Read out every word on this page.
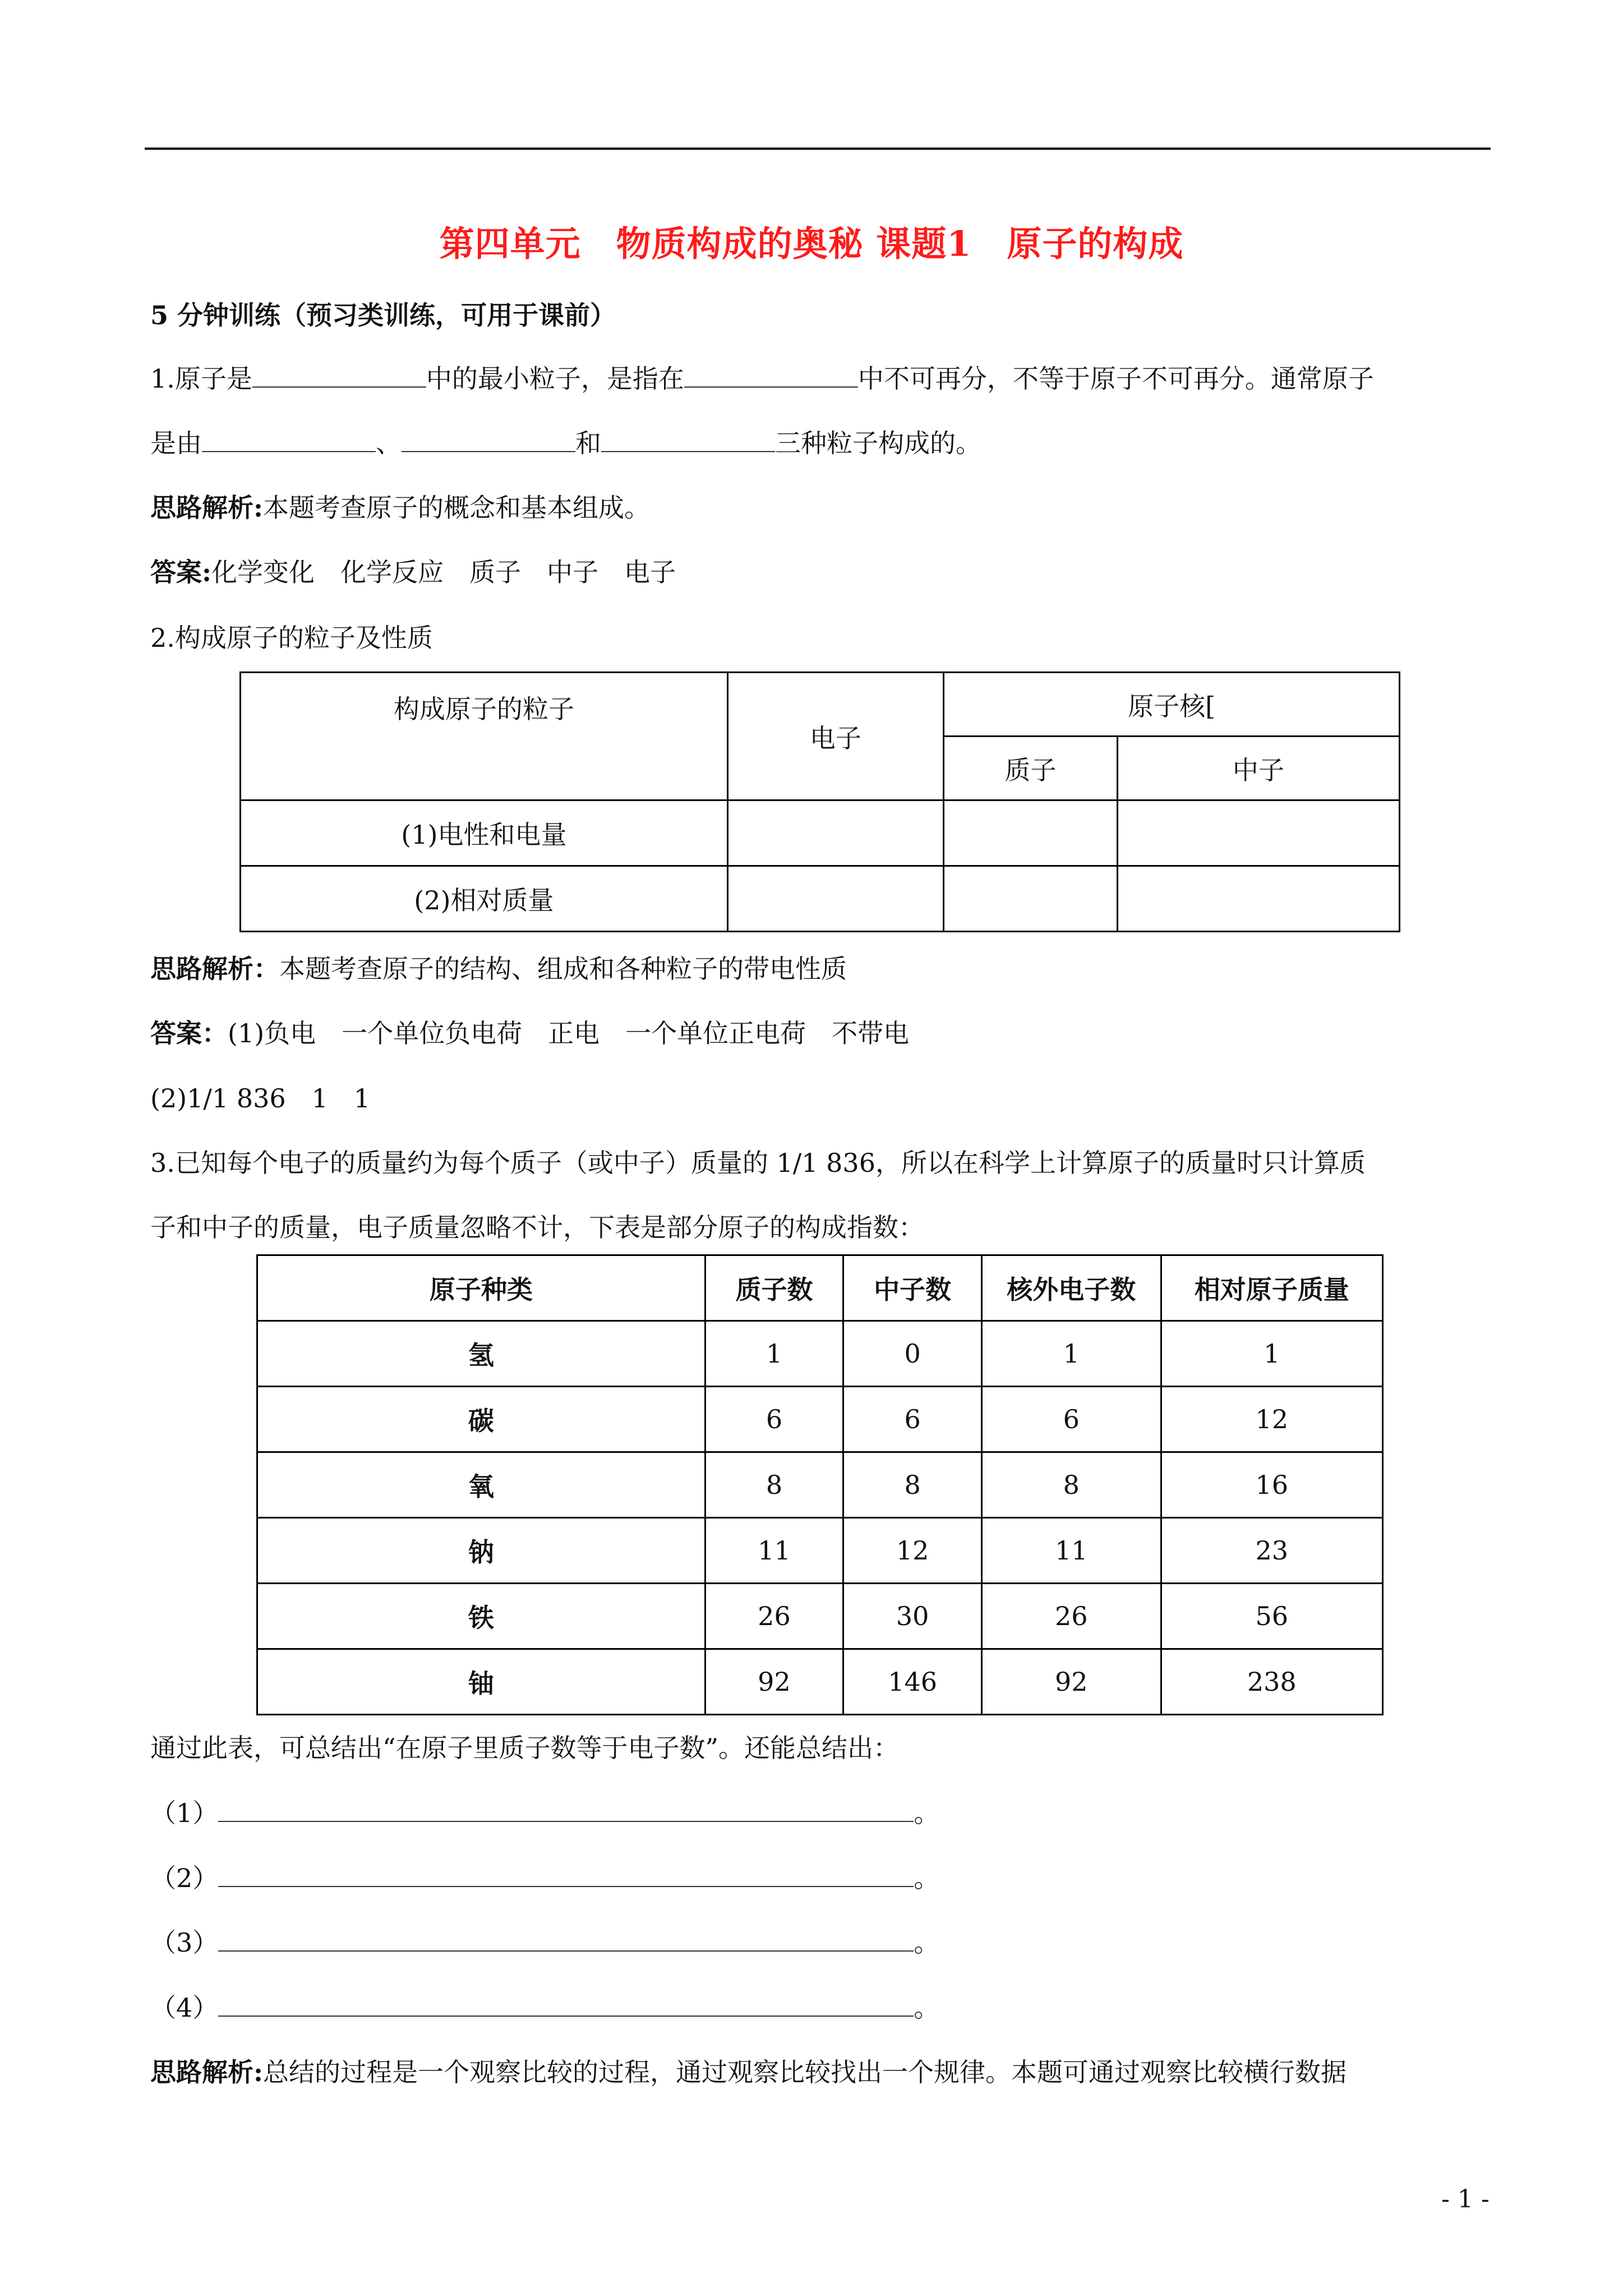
第四单元　物质构成的奥秘 课题1　原子的构成
5 分钟训练（预习类训练，可用于课前）
1.原子是	中的最小粒子，是指在	中不可再分，不等于原子不可再分。通常原子
是由	、	和	三种粒子构成的。
思路解析:本题考查原子的概念和基本组成。
答案:化学变化　化学反应　质子　中子　电子
2.构成原子的粒子及性质
构成原子的粒子	电子	原子核[	
		质子	中子
(1)电性和电量			
(2)相对质量			
思路解析：本题考查原子的结构、组成和各种粒子的带电性质
答案：(1)负电　一个单位负电荷　正电　一个单位正电荷　不带电
(2)1/1 836　1　1
3.已知每个电子的质量约为每个质子（或中子）质量的 1/1 836，所以在科学上计算原子的质量时只计算质
子和中子的质量，电子质量忽略不计，下表是部分原子的构成指数：
原子种类	质子数	中子数	核外电子数	相对原子质量
氢	1	0	1	1
碳	6	6	6	12
氧	8	8	8	16
钠	11	12	11	23
铁	26	30	26	56
铀	92	146	92	238
通过此表，可总结出“在原子里质子数等于电子数”。还能总结出：
（1）	。
（2）	。
（3）	。
（4）	。
思路解析:总结的过程是一个观察比较的过程，通过观察比较找出一个规律。本题可通过观察比较横行数据
- 1 -
